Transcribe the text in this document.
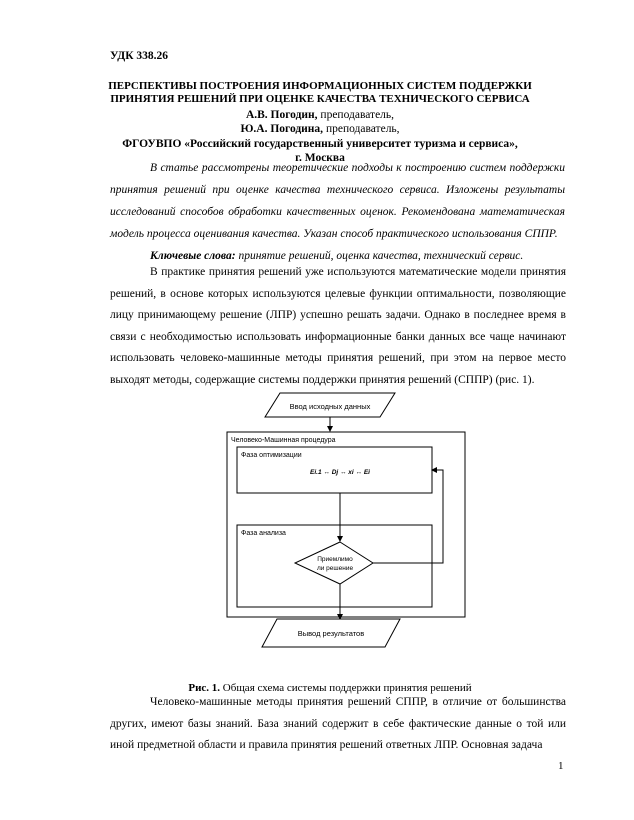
УДК 338.26
ПЕРСПЕКТИВЫ ПОСТРОЕНИЯ ИНФОРМАЦИОННЫХ СИСТЕМ ПОДДЕРЖКИ
ПРИНЯТИЯ РЕШЕНИЙ ПРИ ОЦЕНКЕ КАЧЕСТВА ТЕХНИЧЕСКОГО СЕРВИСА
А.В. Погодин, преподаватель,
Ю.А. Погодина, преподаватель,
ФГОУВПО «Российский государственный университет туризма и сервиса»,
г. Москва

В статье рассмотрены теоретические подходы к построению систем поддержки принятия решений при оценке качества технического сервиса. Изложены результаты исследований способов обработки качественных оценок. Рекомендована математическая модель процесса оценивания качества. Указан способ практического использования СППР.

Ключевые слова: принятие решений, оценка качества, технический сервис.

В практике принятия решений уже используются математические модели принятия решений, в основе которых используются целевые функции оптимальности, позволяющие лицу принимающему решение (ЛПР) успешно решать задачи. Однако в последнее время в связи с необходимостью использовать информационные банки данных все чаще начинают использовать человеко-машинные методы принятия решений, при этом на первое место выходят методы, содержащие системы поддержки принятия решений (СППР) (рис. 1).

Ввод исходных данных
Человеко-Машинная процедура
Фаза оптимизации
Ei.1 ↔ Dj ↔ xi ↔ Ei
Фаза анализа
Приемлимо
ли решение
Вывод результатов
Рис. 1. Общая схема системы поддержки принятия решений

Человеко-машинные методы принятия решений СППР, в отличие от большинства других, имеют базы знаний. База знаний содержит в себе фактические данные о той или иной предметной области и правила принятия решений ответных ЛПР. Основная задача

1
